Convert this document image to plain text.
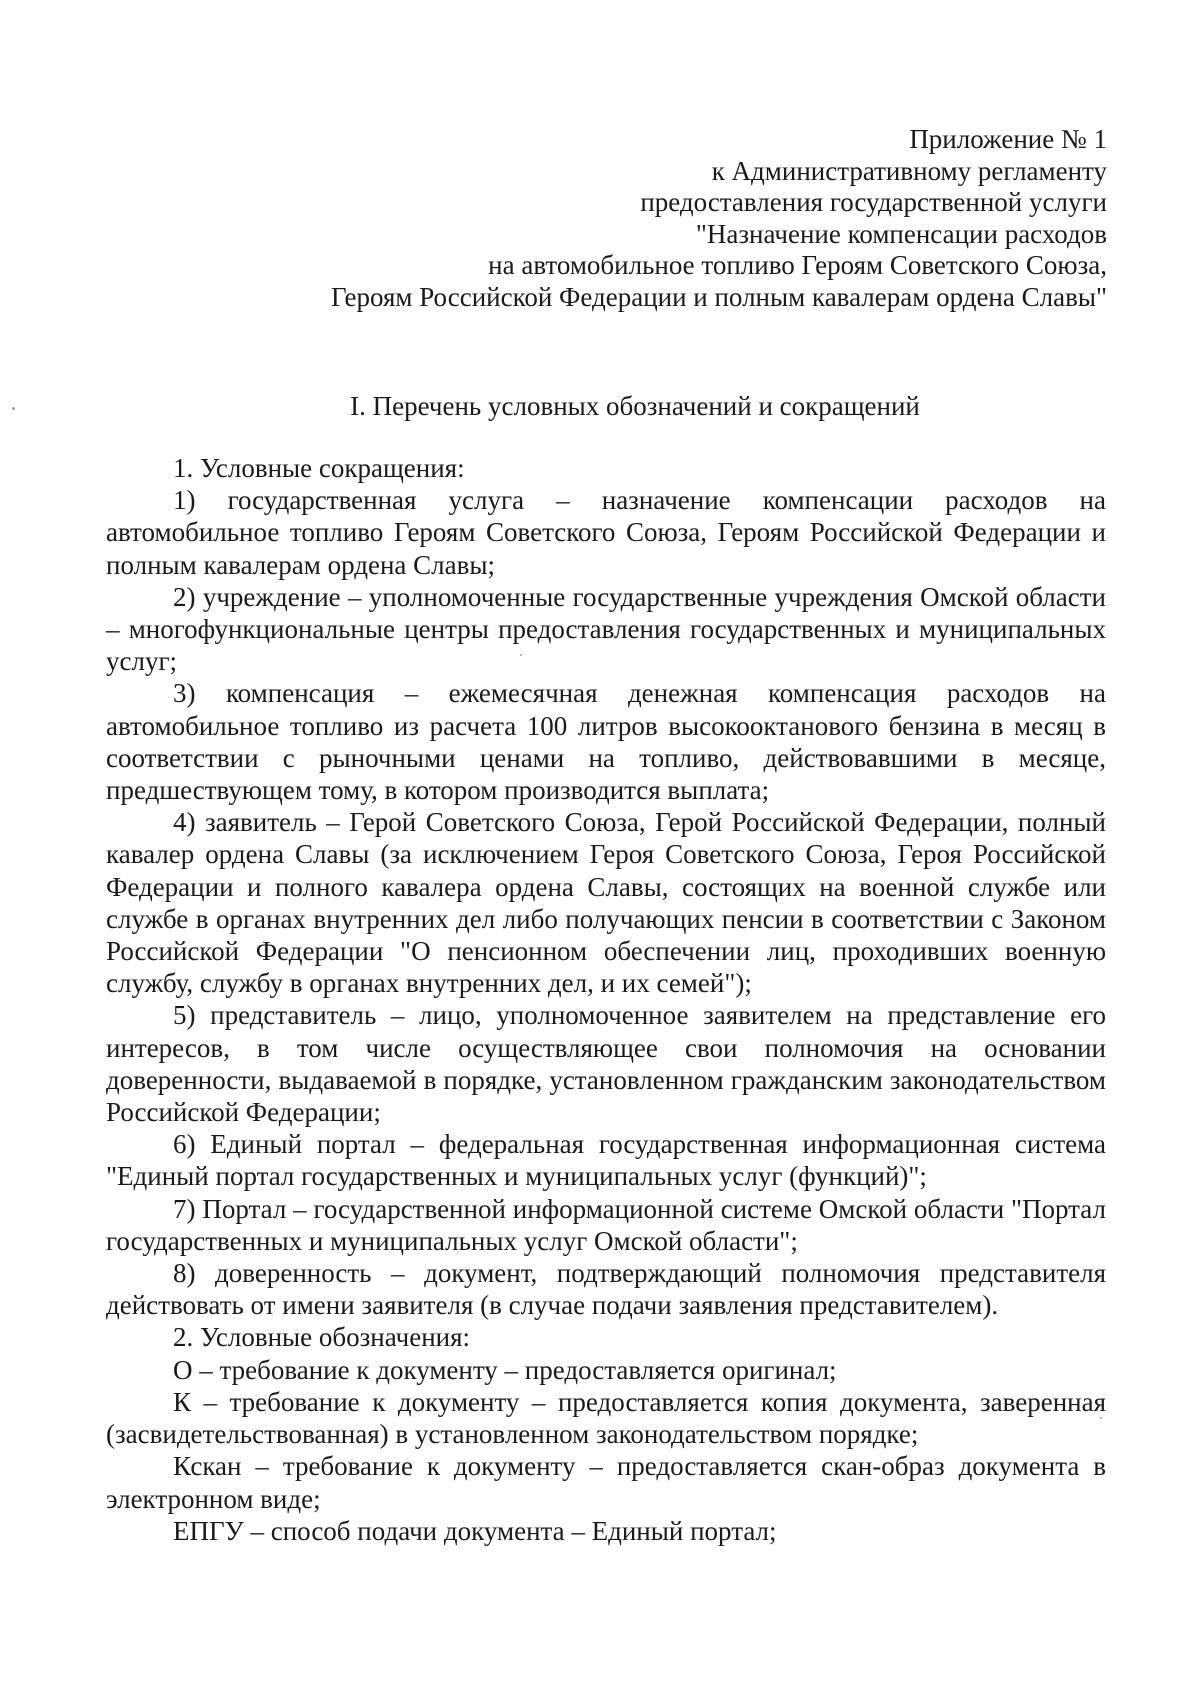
Приложение № 1
к Административному регламенту
предоставления государственной услуги
"Назначение компенсации расходов
на автомобильное топливо Героям Советского Союза,
Героям Российской Федерации и полным кавалерам ордена Славы"
I. Перечень условных обозначений и сокращений

1. Условные сокращения:

1) государственная услуга – назначение компенсации расходов на автомобильное топливо Героям Советского Союза, Героям Российской Федерации и полным кавалерам ордена Славы;

2) учреждение – уполномоченные государственные учреждения Омской области – многофункциональные центры предоставления государственных и муниципальных услуг;

3) компенсация – ежемесячная денежная компенсация расходов на автомобильное топливо из расчета 100 литров высокооктанового бензина в месяц в соответствии с рыночными ценами на топливо, действовавшими в месяце, предшествующем тому, в котором производится выплата;

4) заявитель – Герой Советского Союза, Герой Российской Федерации, полный кавалер ордена Славы (за исключением Героя Советского Союза, Героя Российской Федерации и полного кавалера ордена Славы, состоящих на военной службе или службе в органах внутренних дел либо получающих пенсии в соответствии с Законом Российской Федерации "О пенсионном обеспечении лиц, проходивших военную службу, службу в органах внутренних дел, и их семей");

5) представитель – лицо, уполномоченное заявителем на представление его интересов, в том числе осуществляющее свои полномочия на основании доверенности, выдаваемой в порядке, установленном гражданским законодательством Российской Федерации;

6) Единый портал – федеральная государственная информационная система "Единый портал государственных и муниципальных услуг (функций)";

7) Портал – государственной информационной системе Омской области "Портал государственных и муниципальных услуг Омской области";

8) доверенность – документ, подтверждающий полномочия представителя действовать от имени заявителя (в случае подачи заявления представителем).

2. Условные обозначения:

О – требование к документу – предоставляется оригинал;

К – требование к документу – предоставляется копия документа, заверенная (засвидетельствованная) в установленном законодательством порядке;

Кскан – требование к документу – предоставляется скан-образ документа в электронном виде;

ЕПГУ – способ подачи документа – Единый портал;
